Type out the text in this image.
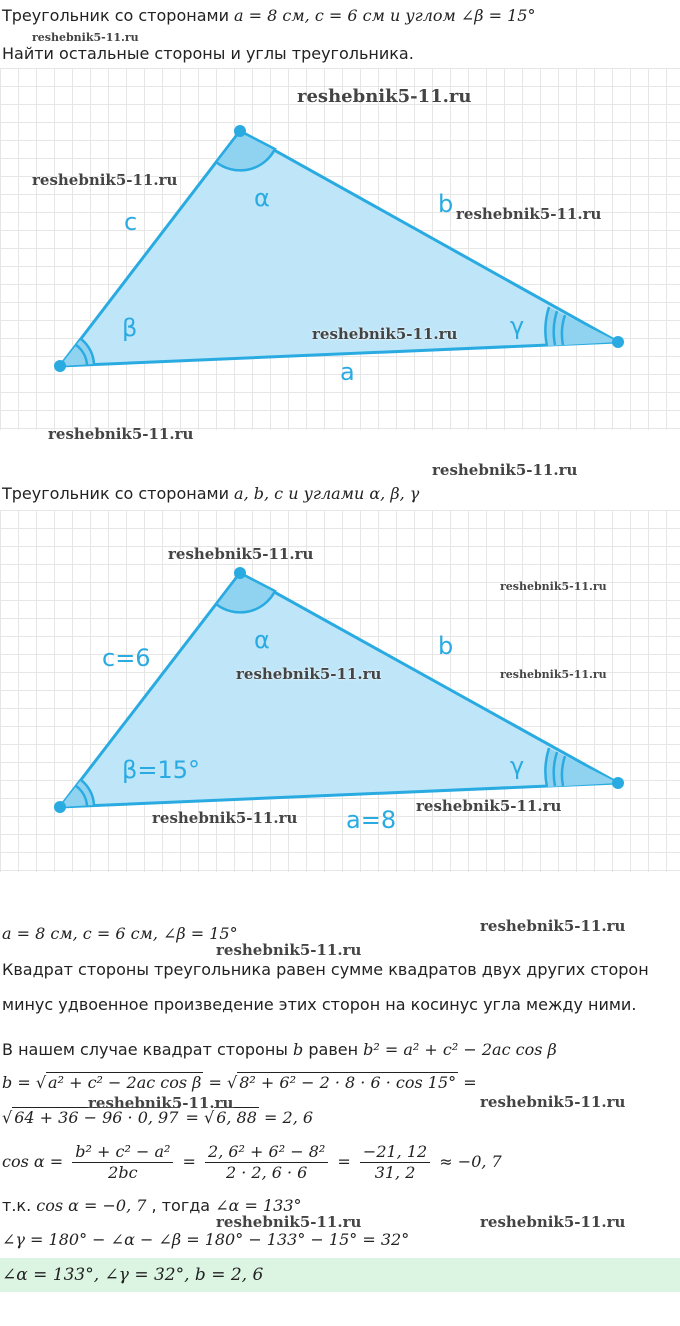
Треугольник со сторонами a = 8 см, c = 6 см и углом ∠β = 15°
Найти остальные стороны и углы треугольника.
α
β	γ
a
b
c
Треугольник со сторонами a, b, c и углами α, β, γ
α
β=15°	γ
a=8
b
c=6
a = 8 см, c = 6 см, ∠β = 15°
Квадрат стороны треугольника равен сумме квадратов двух других сторон
минус удвоенное произведение этих сторон на косинус угла между ними.
В нашем случае квадрат стороны b равен b² = a² + c² − 2ac cos β
b = √ a² + c² − 2ac cos β = √ 8² + 6² − 2 · 8 · 6 · cos 15° =
√ 64 + 36 − 96 · 0, 97 = √ 6, 88 = 2, 6
$\cos \alpha = \frac{\text{b² + c² − a²}}{2bc} = \frac{\text{2, 6² + 6² − 8²}}{2 \cdot 2, 6 \cdot 6} = \frac{-21, 12}{31, 2} \approx -0$, 7
т.к. cos α = −0, 7 , тогда ∠α = 133°
∠γ = 180° − ∠α − ∠β = 180° − 133° − 15° = 32°
∠α = 133°, ∠γ = 32°, b = 2, 6
reshebnik5-11.ru
reshebnik5-11.ru
reshebnik5-11.ru
reshebnik5-11.ru
reshebnik5-11.ru
reshebnik5-11.ru
reshebnik5-11.ru
reshebnik5-11.ru
reshebnik5-11.ru
reshebnik5-11.ru	reshebnik5-11.ru
reshebnik5-11.ru
reshebnik5-11.ru
reshebnik5-11.ru
reshebnik5-11.ru
reshebnik5-11.ru	reshebnik5-11.ru
reshebnik5-11.ru	reshebnik5-11.ru
